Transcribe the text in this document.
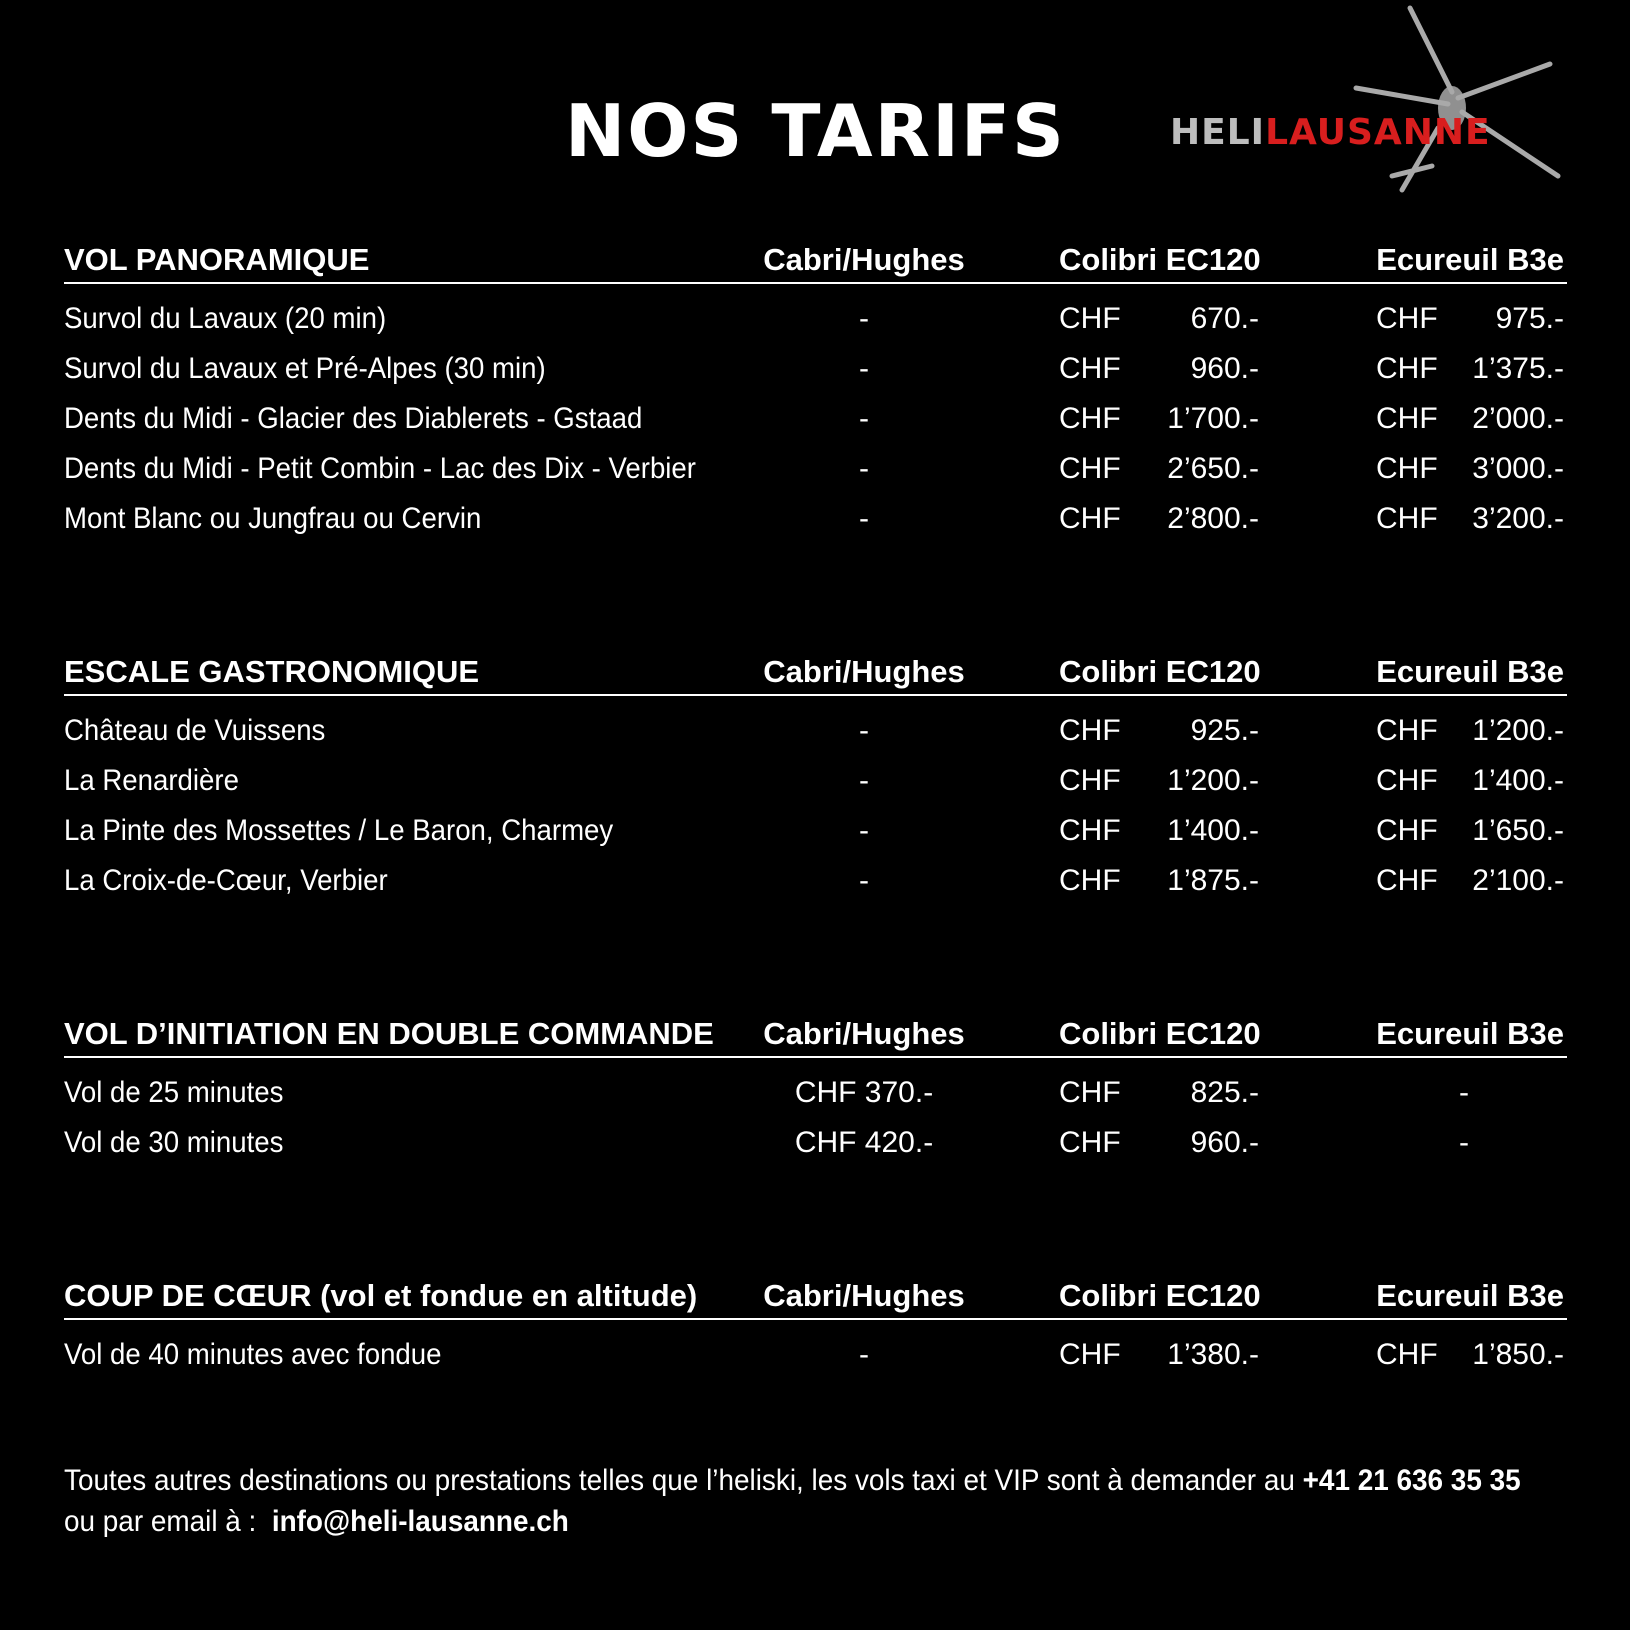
NOS TARIFS	HELILAUSANNE
VOL PANORAMIQUE	Cabri/Hughes	Colibri EC120	Ecureuil B3e
Survol du Lavaux (20 min)	-	CHF	670.-	CHF	975.-
Survol du Lavaux et Pré-Alpes (30 min)	-	CHF	960.-	CHF	1’375.-
Dents du Midi - Glacier des Diablerets - Gstaad	-	CHF	1’700.-	CHF	2’000.-
Dents du Midi - Petit Combin - Lac des Dix - Verbier	-	CHF	2’650.-	CHF	3’000.-
Mont Blanc ou Jungfrau ou Cervin	-	CHF	2’800.-	CHF	3’200.-
ESCALE GASTRONOMIQUE	Cabri/Hughes	Colibri EC120	Ecureuil B3e
Château de Vuissens	-	CHF	925.-	CHF	1’200.-
La Renardière	-	CHF	1’200.-	CHF	1’400.-
La Pinte des Mossettes / Le Baron, Charmey	-	CHF	1’400.-	CHF	1’650.-
La Croix-de-Cœur, Verbier	-	CHF	1’875.-	CHF	2’100.-
VOL D’INITIATION EN DOUBLE COMMANDE	Cabri/Hughes	Colibri EC120	Ecureuil B3e
Vol de 25 minutes	CHF 370.-	CHF	825.-	-
Vol de 30 minutes	CHF 420.-	CHF	960.-	-
COUP DE CŒUR (vol et fondue en altitude)	Cabri/Hughes	Colibri EC120	Ecureuil B3e
Vol de 40 minutes avec fondue	-	CHF	1’380.-	CHF	1’850.-
Toutes autres destinations ou prestations telles que l’heliski, les vols taxi et VIP sont à demander au +41 21 636 35 35
ou par email à :  info@heli-lausanne.ch
